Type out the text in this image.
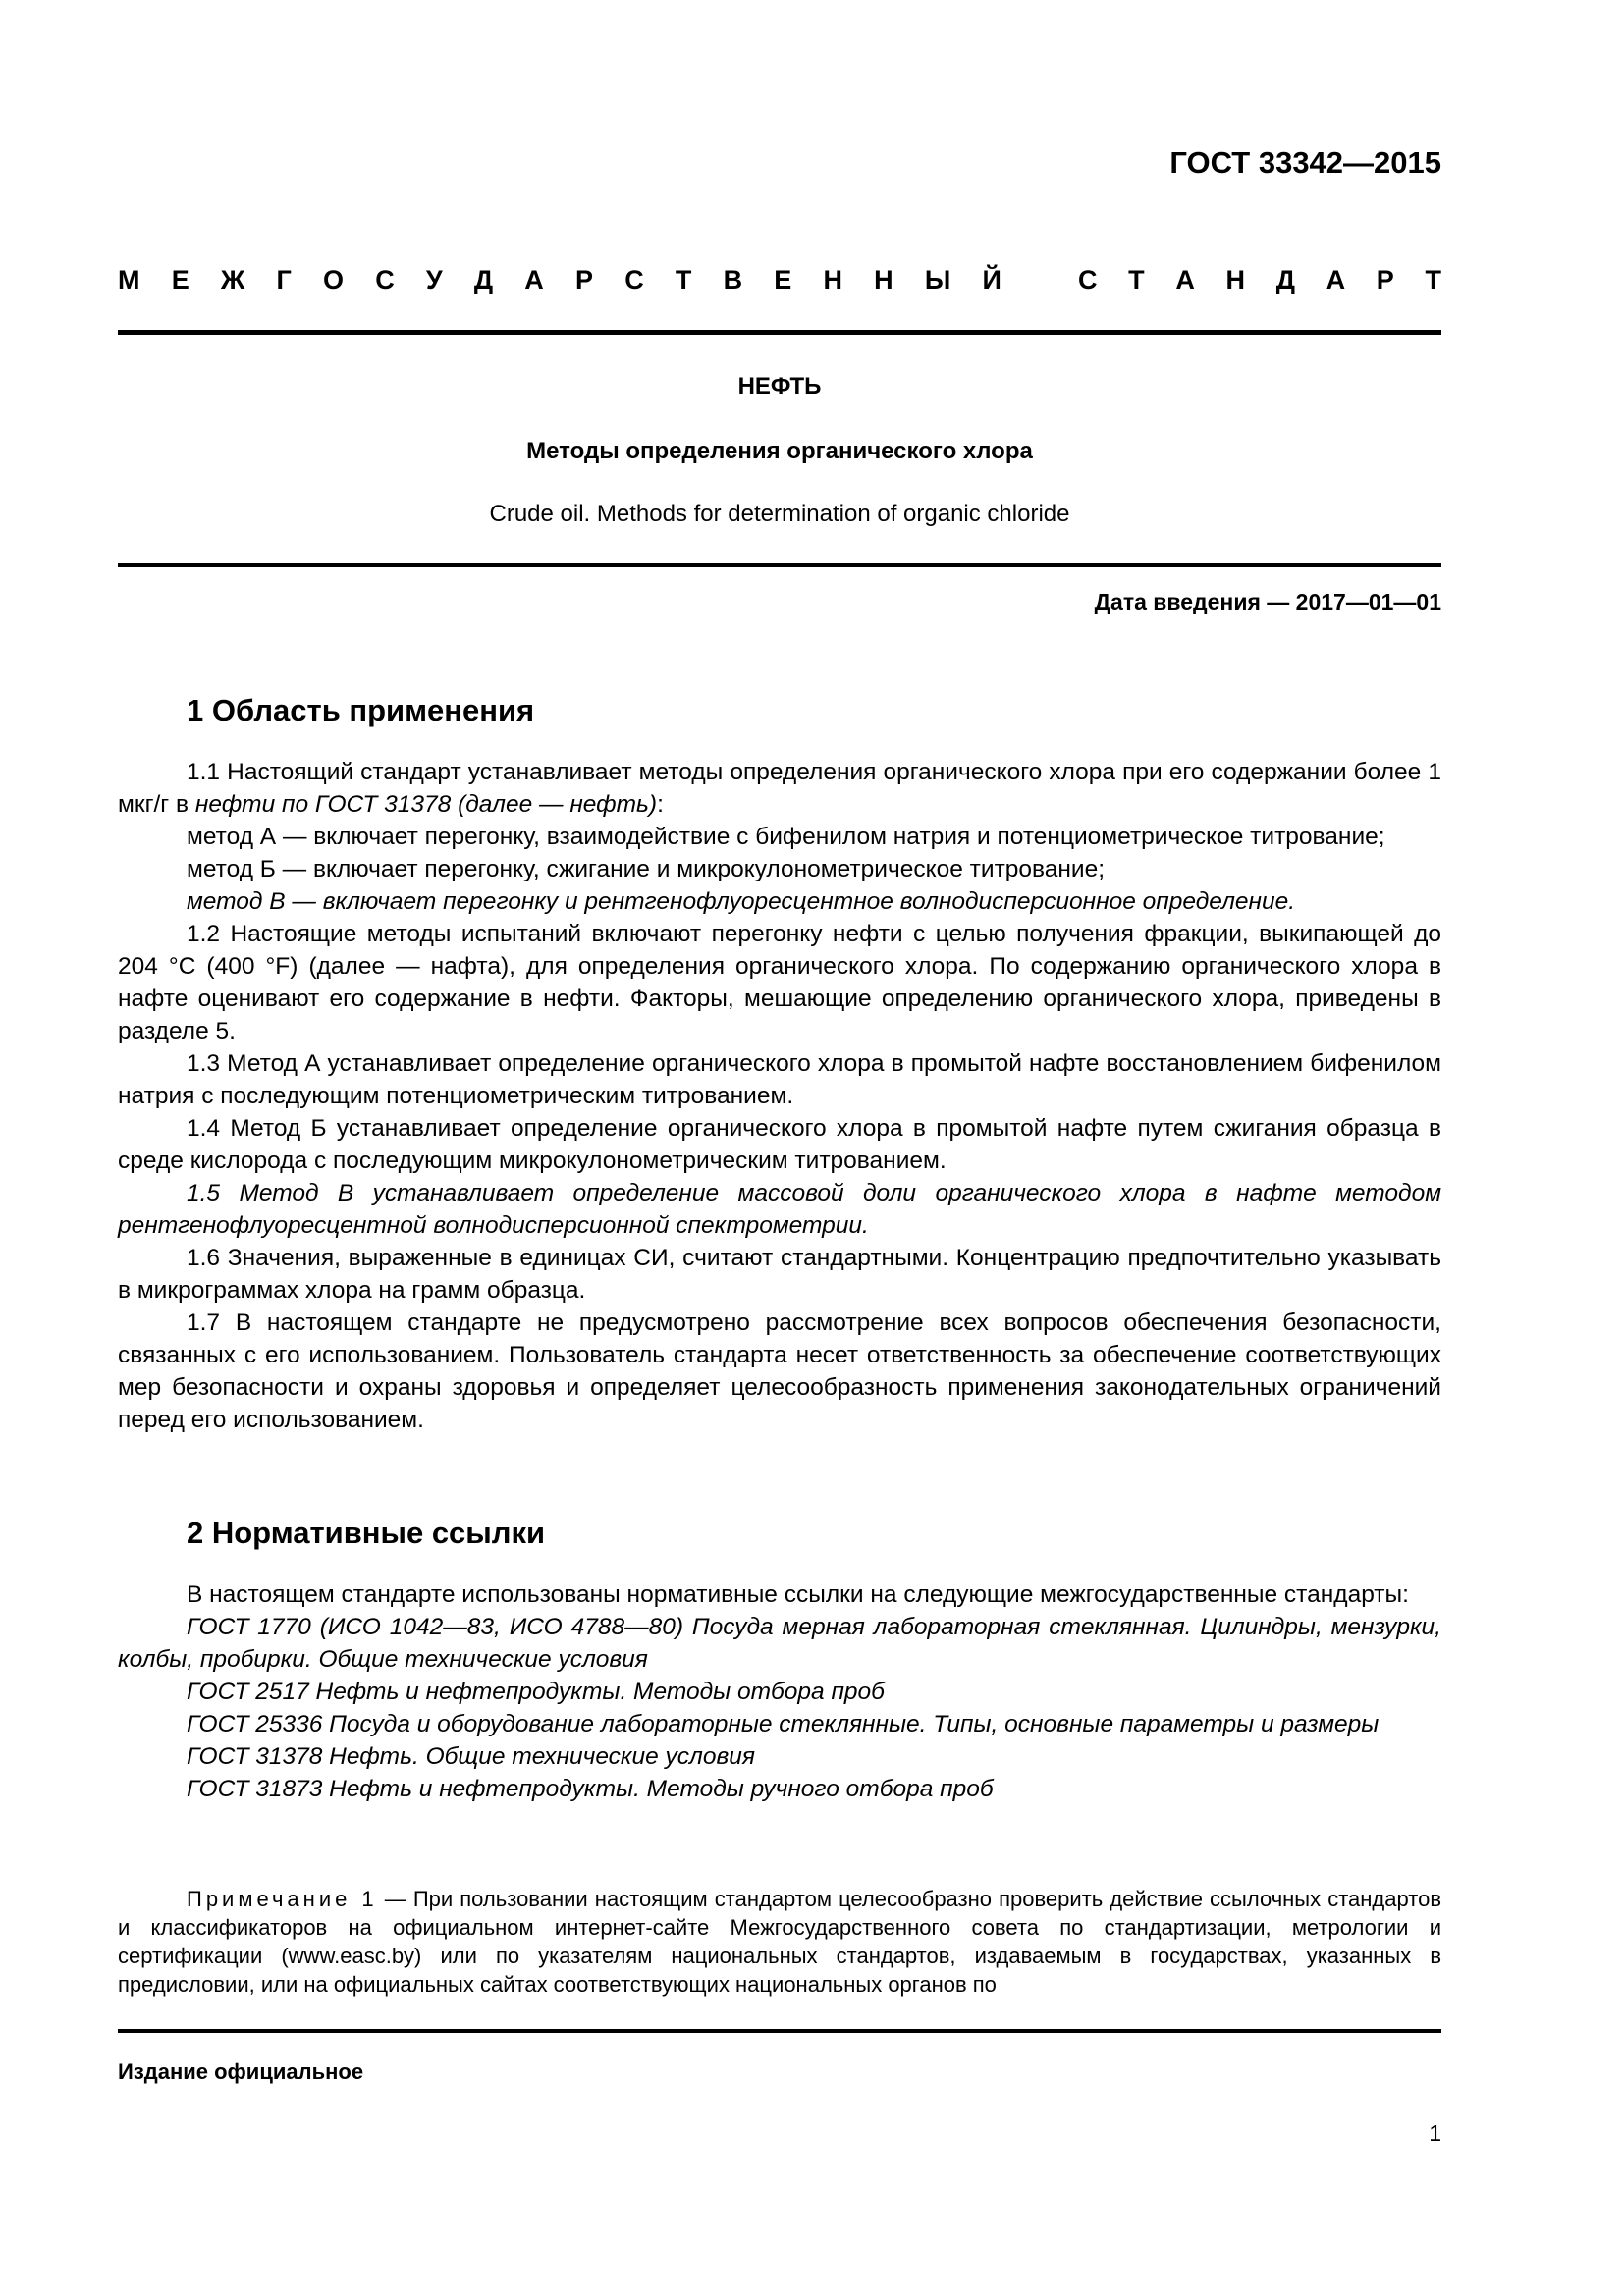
ГОСТ 33342—2015
М Е Ж Г О С У Д А Р С Т В Е Н Н Ы Й	С Т А Н Д А Р Т
НЕФТЬ
Методы определения органического хлора
Crude oil. Methods for determination of organic chloride
Дата введения — 2017—01—01
1 Область применения

1.1 Настоящий стандарт устанавливает методы определения органического хлора при его содержании более 1 мкг/г в нефти по ГОСТ 31378 (далее — нефть):

метод А — включает перегонку, взаимодействие с бифенилом натрия и потенциометрическое титрование;

метод Б — включает перегонку, сжигание и микрокулонометрическое титрование;

метод В — включает перегонку и рентгенофлуоресцентное волнодисперсионное определение.

1.2 Настоящие методы испытаний включают перегонку нефти с целью получения фракции, выкипающей до 204 °C (400 °F) (далее — нафта), для определения органического хлора. По содержанию органического хлора в нафте оценивают его содержание в нефти. Факторы, мешающие определению органического хлора, приведены в разделе 5.

1.3 Метод А устанавливает определение органического хлора в промытой нафте восстановлением бифенилом натрия с последующим потенциометрическим титрованием.

1.4 Метод Б устанавливает определение органического хлора в промытой нафте путем сжигания образца в среде кислорода с последующим микрокулонометрическим титрованием.

1.5 Метод В устанавливает определение массовой доли органического хлора в нафте методом рентгенофлуоресцентной волнодисперсионной спектрометрии.

1.6 Значения, выраженные в единицах СИ, считают стандартными. Концентрацию предпочтительно указывать в микрограммах хлора на грамм образца.

1.7 В настоящем стандарте не предусмотрено рассмотрение всех вопросов обеспечения безопасности, связанных с его использованием. Пользователь стандарта несет ответственность за обеспечение соответствующих мер безопасности и охраны здоровья и определяет целесообразность применения законодательных ограничений перед его использованием.

2 Нормативные ссылки

В настоящем стандарте использованы нормативные ссылки на следующие межгосударственные стандарты:

ГОСТ 1770 (ИСО 1042—83, ИСО 4788—80) Посуда мерная лабораторная стеклянная. Цилиндры, мензурки, колбы, пробирки. Общие технические условия

ГОСТ 2517 Нефть и нефтепродукты. Методы отбора проб

ГОСТ 25336 Посуда и оборудование лабораторные стеклянные. Типы, основные параметры и размеры

ГОСТ 31378 Нефть. Общие технические условия

ГОСТ 31873 Нефть и нефтепродукты. Методы ручного отбора проб

Примечание 1 — При пользовании настоящим стандартом целесообразно проверить действие ссылочных стандартов и классификаторов на официальном интернет-сайте Межгосударственного совета по стандартизации, метрологии и сертификации (www.easc.by) или по указателям национальных стандартов, издаваемым в государствах, указанных в предисловии, или на официальных сайтах соответствующих национальных органов по
Издание официальное
1
